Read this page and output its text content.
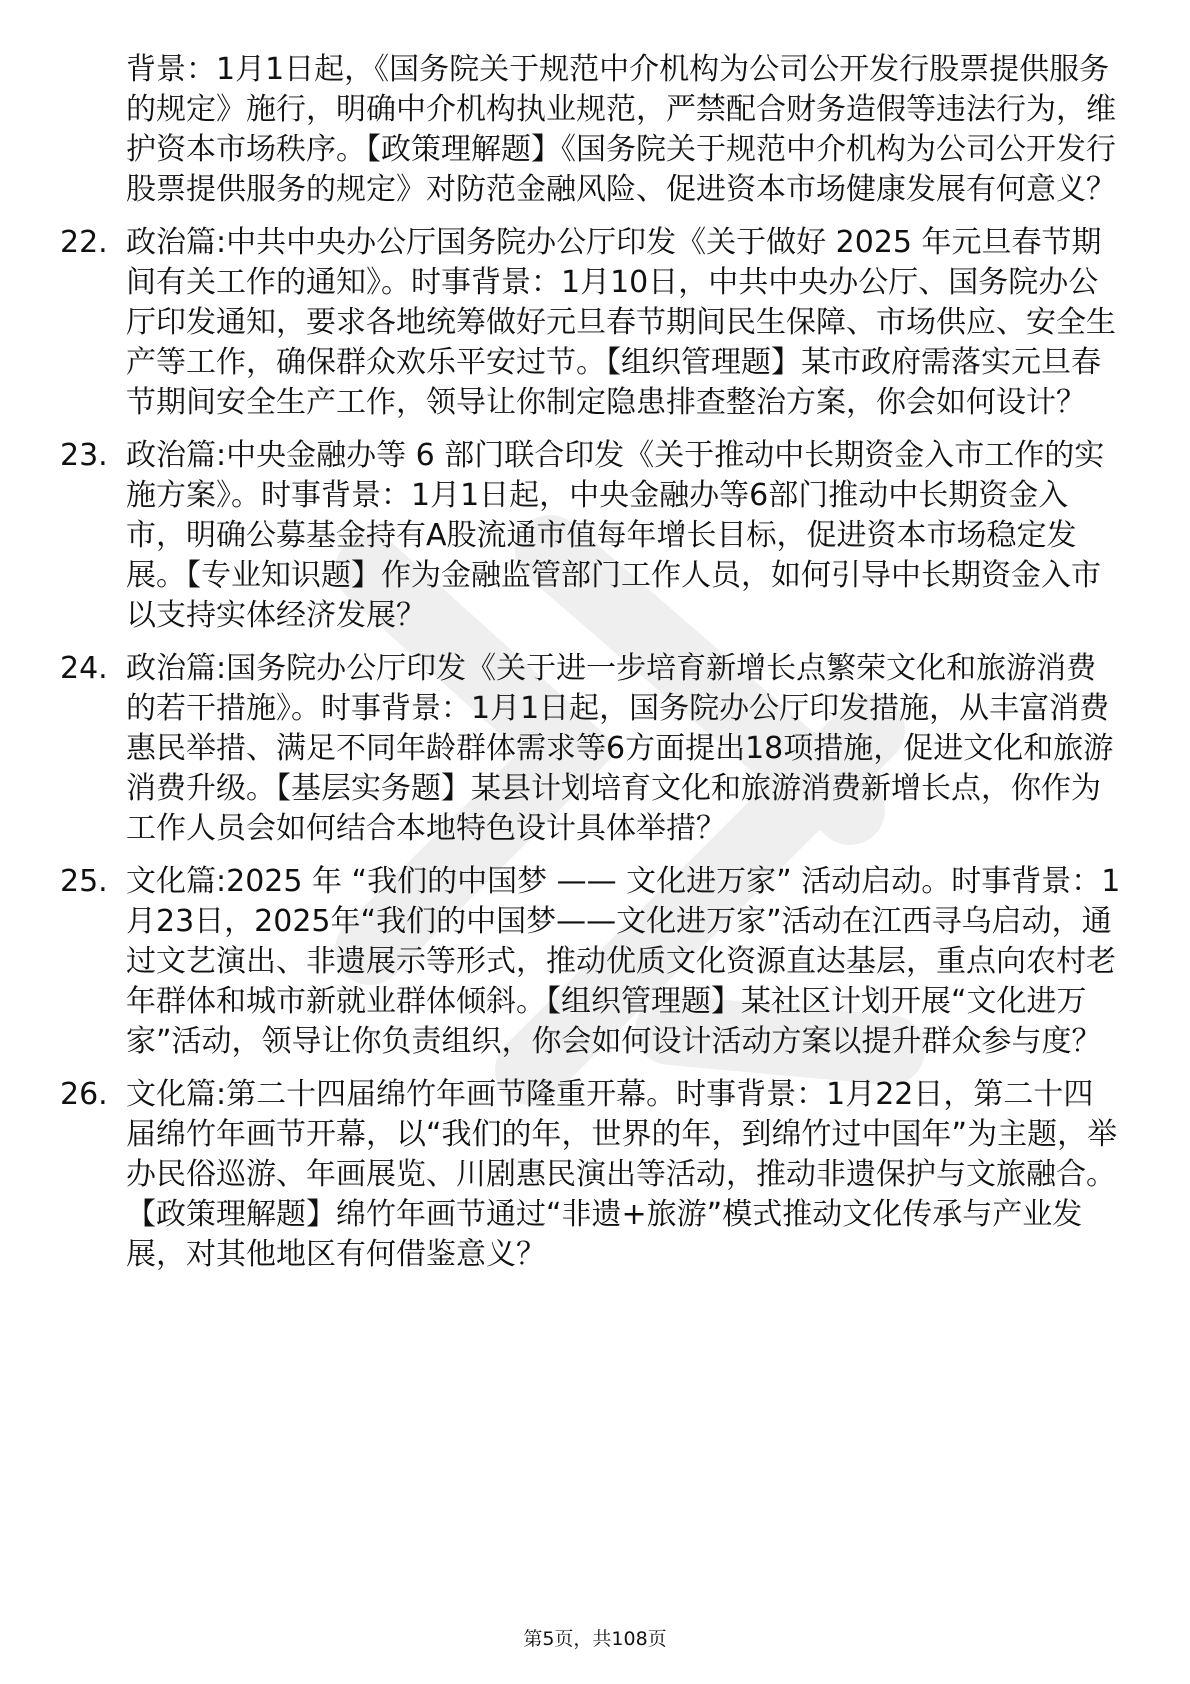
背景：1月1日起，《国务院关于规范中介机构为公司公开发行股票提供服务的规定》施行，明确中介机构执业规范，严禁配合财务造假等违法行为，维护资本市场秩序。【政策理解题】《国务院关于规范中介机构为公司公开发行股票提供服务的规定》对防范金融风险、促进资本市场健康发展有何意义？

22. 政治篇:中共中央办公厅国务院办公厅印发《关于做好 2025 年元旦春节期间有关工作的通知》。时事背景：1月10日，中共中央办公厅、国务院办公厅印发通知，要求各地统筹做好元旦春节期间民生保障、市场供应、安全生产等工作，确保群众欢乐平安过节。【组织管理题】某市政府需落实元旦春节期间安全生产工作，领导让你制定隐患排查整治方案，你会如何设计？

23. 政治篇:中央金融办等 6 部门联合印发《关于推动中长期资金入市工作的实施方案》。时事背景：1月1日起，中央金融办等6部门推动中长期资金入市，明确公募基金持有A股流通市值每年增长目标，促进资本市场稳定发展。【专业知识题】作为金融监管部门工作人员，如何引导中长期资金入市以支持实体经济发展？

24. 政治篇:国务院办公厅印发《关于进一步培育新增长点繁荣文化和旅游消费的若干措施》。时事背景：1月1日起，国务院办公厅印发措施，从丰富消费惠民举措、满足不同年龄群体需求等6方面提出18项措施，促进文化和旅游消费升级。【基层实务题】某县计划培育文化和旅游消费新增长点，你作为工作人员会如何结合本地特色设计具体举措？

25. 文化篇:2025 年 “我们的中国梦 —— 文化进万家” 活动启动。时事背景：1月23日，2025年“我们的中国梦——文化进万家”活动在江西寻乌启动，通过文艺演出、非遗展示等形式，推动优质文化资源直达基层，重点向农村老年群体和城市新就业群体倾斜。【组织管理题】某社区计划开展“文化进万家”活动，领导让你负责组织，你会如何设计活动方案以提升群众参与度？

26. 文化篇:第二十四届绵竹年画节隆重开幕。时事背景：1月22日，第二十四届绵竹年画节开幕，以“我们的年，世界的年，到绵竹过中国年”为主题，举办民俗巡游、年画展览、川剧惠民演出等活动，推动非遗保护与文旅融合。【政策理解题】绵竹年画节通过“非遗+旅游”模式推动文化传承与产业发展，对其他地区有何借鉴意义？

第5页，共108页
